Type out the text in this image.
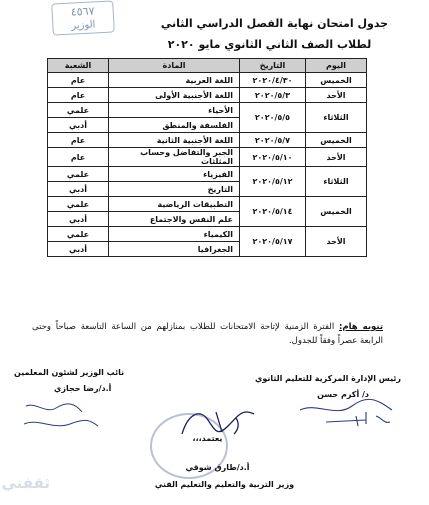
٤٥٦٧
الوزير	جدول امتحان نهاية الفصل الدراسي الثاني
لطلاب الصف الثاني الثانوي مايو ٢٠٢٠
اليوم	التاريخ	المادة	الشعبة
الخميس	٢٠٢٠/٤/٣٠	اللغة العربية	عام
الأحد	٢٠٢٠/٥/٣	اللغة الأجنبية الأولى	عام
الثلاثاء	٢٠٢٠/٥/٥	الأحياء	علمي
		الفلسفة والمنطق	أدبي
الخميس	٢٠٢٠/٥/٧	اللغة الأجنبية الثانية	عام
الأحد	٢٠٢٠/٥/١٠	الجبر والتفاضل وحساب المثلثات	عام
الثلاثاء	٢٠٢٠/٥/١٢	الفيزياء	علمي
		التاريخ	أدبي
الخميس	٢٠٢٠/٥/١٤	التطبيقات الرياضية	علمي
		علم النفس والاجتماع	أدبي
الأحد	٢٠٢٠/٥/١٧	الكيمياء	علمي
		الجغرافيا	أدبي
تنويه هام: الفترة الزمنية لإتاحة الامتحانات للطلاب بمنازلهم من الساعة التاسعة صباحاً وحتى الرابعة عصراً وفقاً للجدول.
رئيس الإدارة المركزية للتعليم الثانوي
د/ أكرم حسن
نائب الوزير لشئون المعلمين
أ.د/رضا حجازي
يعتمد،،،
أ.د/طارق شوقي
وزير التربية والتعليم والتعليم الفني
ثقفني
